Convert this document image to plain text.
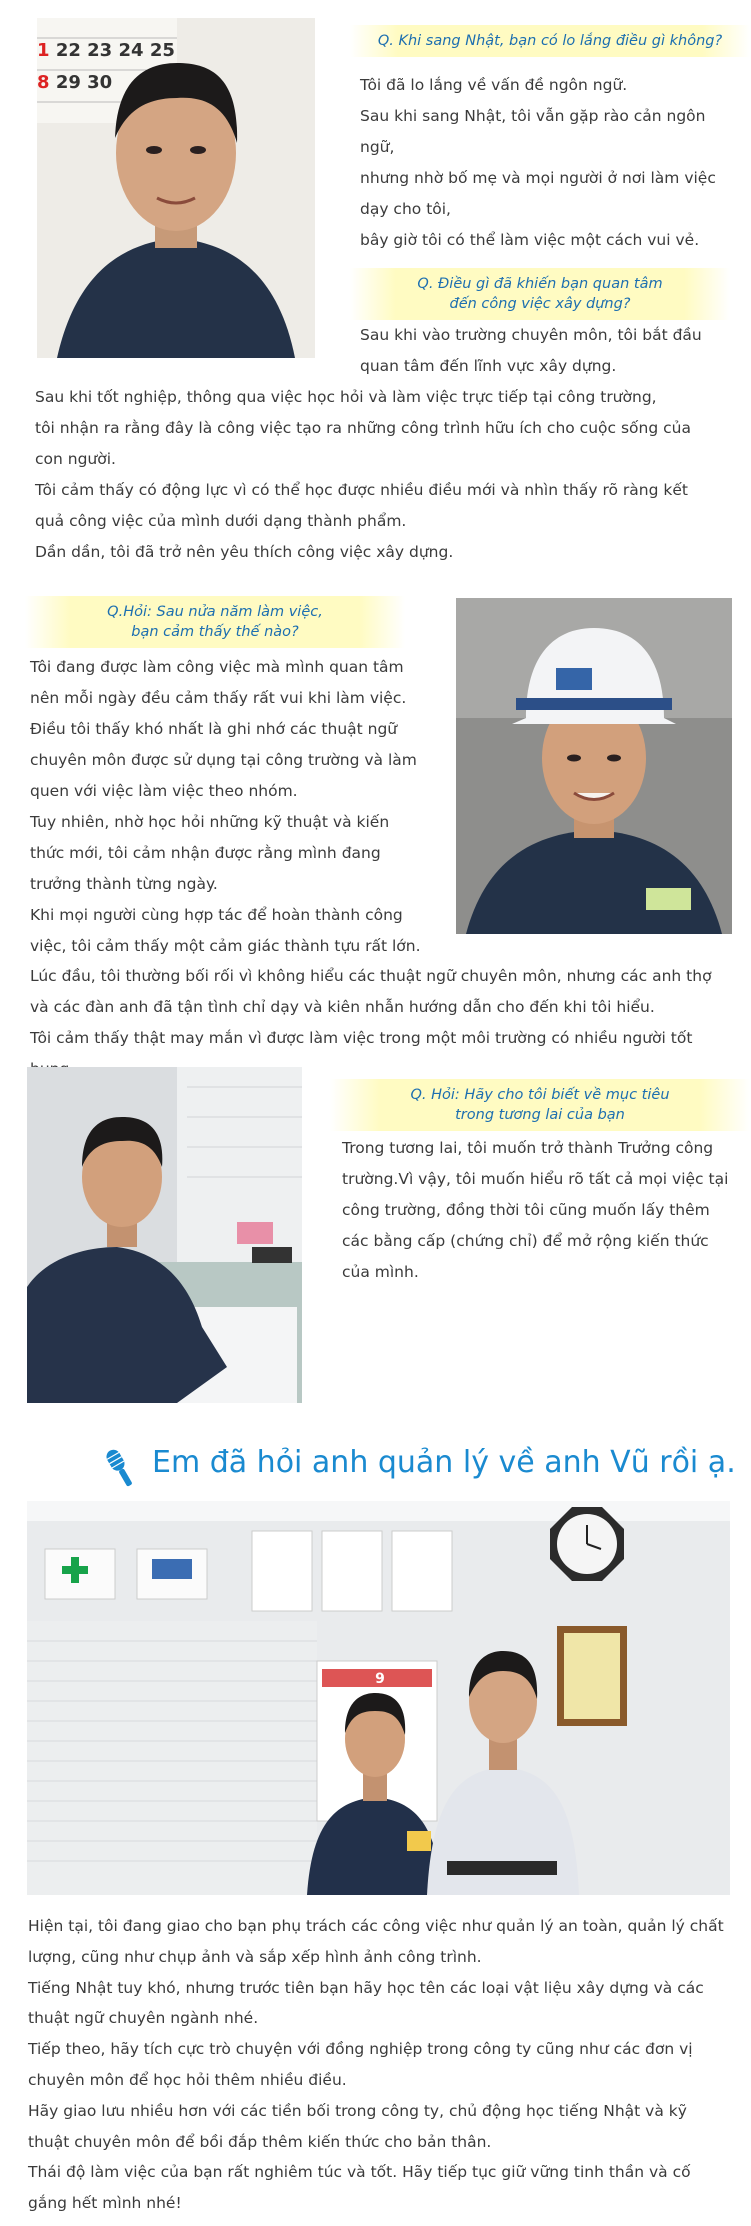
1 22 23 24 25
8 29 30
Q. Khi sang Nhật, bạn có lo lắng điều gì không?

Tôi đã lo lắng về vấn đề ngôn ngữ.

Sau khi sang Nhật, tôi vẫn gặp rào cản ngôn ngữ,

nhưng nhờ bố mẹ và mọi người ở nơi làm việc dạy cho tôi,

bây giờ tôi có thể làm việc một cách vui vẻ.

Q. Điều gì đã khiến bạn quan tâm
đến công việc xây dựng?

Sau khi vào trường chuyên môn, tôi bắt đầu

quan tâm đến lĩnh vực xây dựng.

Sau khi tốt nghiệp, thông qua việc học hỏi và làm việc trực tiếp tại công trường,

tôi nhận ra rằng đây là công việc tạo ra những công trình hữu ích cho cuộc sống của con người.

Tôi cảm thấy có động lực vì có thể học được nhiều điều mới và nhìn thấy rõ ràng kết quả công việc của mình dưới dạng thành phẩm.

Dần dần, tôi đã trở nên yêu thích công việc xây dựng.

Q.Hỏi: Sau nửa năm làm việc,
bạn cảm thấy thế nào?

Tôi đang được làm công việc mà mình quan tâm nên mỗi ngày đều cảm thấy rất vui khi làm việc.

Điều tôi thấy khó nhất là ghi nhớ các thuật ngữ chuyên môn được sử dụng tại công trường và làm quen với việc làm việc theo nhóm.

Tuy nhiên, nhờ học hỏi những kỹ thuật và kiến thức mới, tôi cảm nhận được rằng mình đang trưởng thành từng ngày.

Khi mọi người cùng hợp tác để hoàn thành công việc, tôi cảm thấy một cảm giác thành tựu rất lớn.

Lúc đầu, tôi thường bối rối vì không hiểu các thuật ngữ chuyên môn, nhưng các anh thợ và các đàn anh đã tận tình chỉ dạy và kiên nhẫn hướng dẫn cho đến khi tôi hiểu.

Tôi cảm thấy thật may mắn vì được làm việc trong một môi trường có nhiều người tốt

Q. Hỏi: Hãy cho tôi biết về mục tiêu
trong tương lai của bạn

Trong tương lai, tôi muốn trở thành Trưởng công trường.Vì vậy, tôi muốn hiểu rõ tất cả mọi việc tại công trường, đồng thời tôi cũng muốn lấy thêm các bằng cấp (chứng chỉ) để mở rộng kiến thức của mình.

Em đã hỏi anh quản lý về anh Vũ rồi ạ.
9

Hiện tại, tôi đang giao cho bạn phụ trách các công việc như quản lý an toàn, quản lý chất lượng, cũng như chụp ảnh và sắp xếp hình ảnh công trình.

Tiếng Nhật tuy khó, nhưng trước tiên bạn hãy học tên các loại vật liệu xây dựng và các thuật ngữ chuyên ngành nhé.

Tiếp theo, hãy tích cực trò chuyện với đồng nghiệp trong công ty cũng như các đơn vị chuyên môn để học hỏi thêm nhiều điều.

Hãy giao lưu nhiều hơn với các tiền bối trong công ty, chủ động học tiếng Nhật và kỹ thuật chuyên môn để bồi đắp thêm kiến thức cho bản thân.

Thái độ làm việc của bạn rất nghiêm túc và tốt. Hãy tiếp tục giữ vững tinh thần và cố gắng hết mình nhé!
